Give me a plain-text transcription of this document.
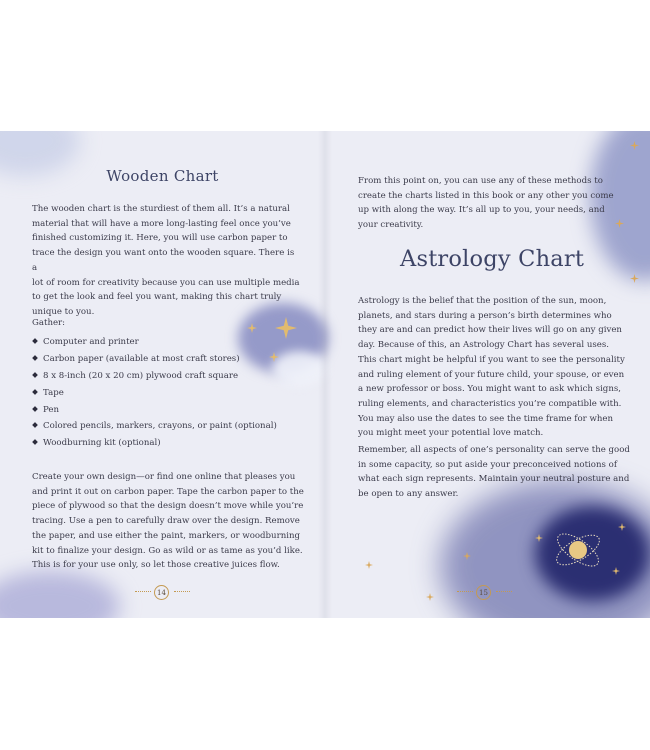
Wooden Chart

The wooden chart is the sturdiest of them all. It’s a natural
material that will have a more long-lasting feel once you’ve
finished customizing it. Here, you will use carbon paper to
trace the design you want onto the wooden square. There is a
lot of room for creativity because you can use multiple media
to get the look and feel you want, making this chart truly
unique to you.

Gather:

Computer and printer
Carbon paper (available at most craft stores)
8 x 8-inch (20 x 20 cm) plywood craft square
Tape
Pen
Colored pencils, markers, crayons, or paint (optional)
Woodburning kit (optional)

Create your own design—or find one online that pleases you
and print it out on carbon paper. Tape the carbon paper to the
piece of plywood so that the design doesn’t move while you’re
tracing. Use a pen to carefully draw over the design. Remove
the paper, and use either the paint, markers, or woodburning
kit to finalize your design. Go as wild or as tame as you’d like.
This is for your use only, so let those creative juices flow.

14

From this point on, you can use any of these methods to
create the charts listed in this book or any other you come
up with along the way. It’s all up to you, your needs, and
your creativity.

Astrology Chart

Astrology is the belief that the position of the sun, moon,
planets, and stars during a person’s birth determines who
they are and can predict how their lives will go on any given
day. Because of this, an Astrology Chart has several uses.
This chart might be helpful if you want to see the personality
and ruling element of your future child, your spouse, or even
a new professor or boss. You might want to ask which signs,
ruling elements, and characteristics you’re compatible with.
You may also use the dates to see the time frame for when
you might meet your potential love match.

Remember, all aspects of one’s personality can serve the good
in some capacity, so put aside your preconceived notions of
what each sign represents. Maintain your neutral posture and
be open to any answer.

15
